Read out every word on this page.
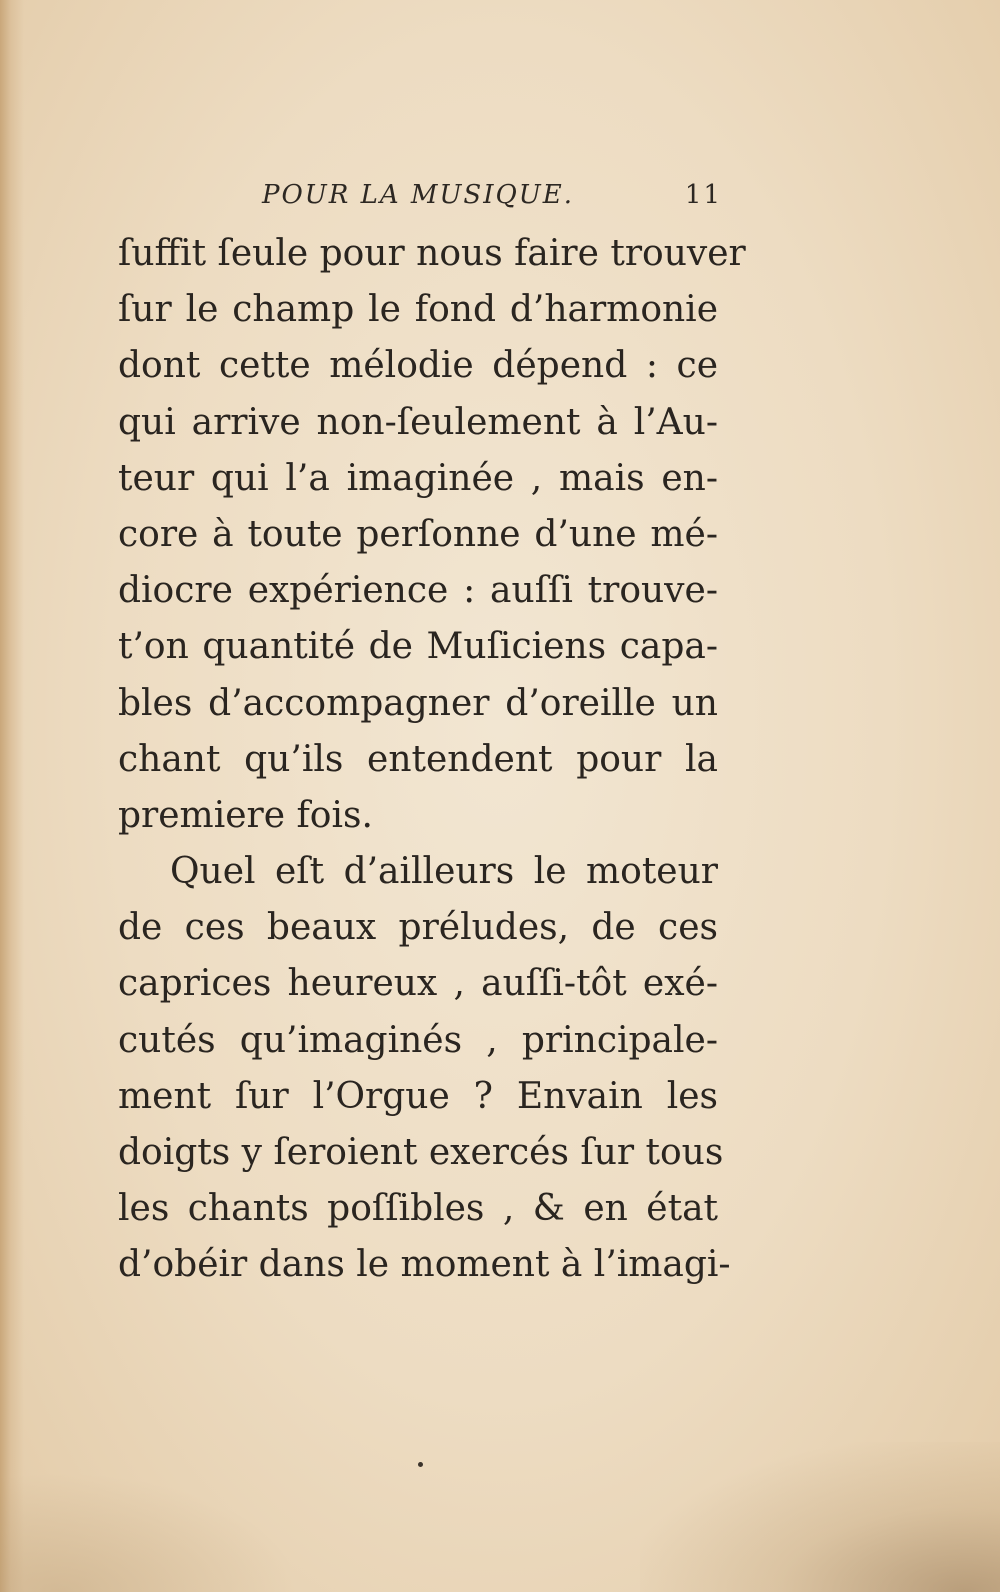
POUR LA MUSIQUE.	11
ſuffit ſeule pour nous faire trouver
ſur le champ le fond d’harmonie
dont cette mélodie dépend : ce
qui arrive non-ſeulement à l’Au-
teur qui l’a imaginée , mais en-
core à toute perſonne d’une mé-
diocre expérience : auſſi trouve-
t’on quantité de Muſiciens capa-
bles d’accompagner d’oreille un
chant qu’ils entendent pour la
premiere fois.
Quel eſt d’ailleurs le moteur
de ces beaux préludes, de ces
caprices heureux , auſſi-tôt exé-
cutés qu’imaginés , principale-
ment ſur l’Orgue ? Envain les
doigts y ſeroient exercés ſur tous
les chants poſſibles , & en état
d’obéir dans le moment à l’imagi-
